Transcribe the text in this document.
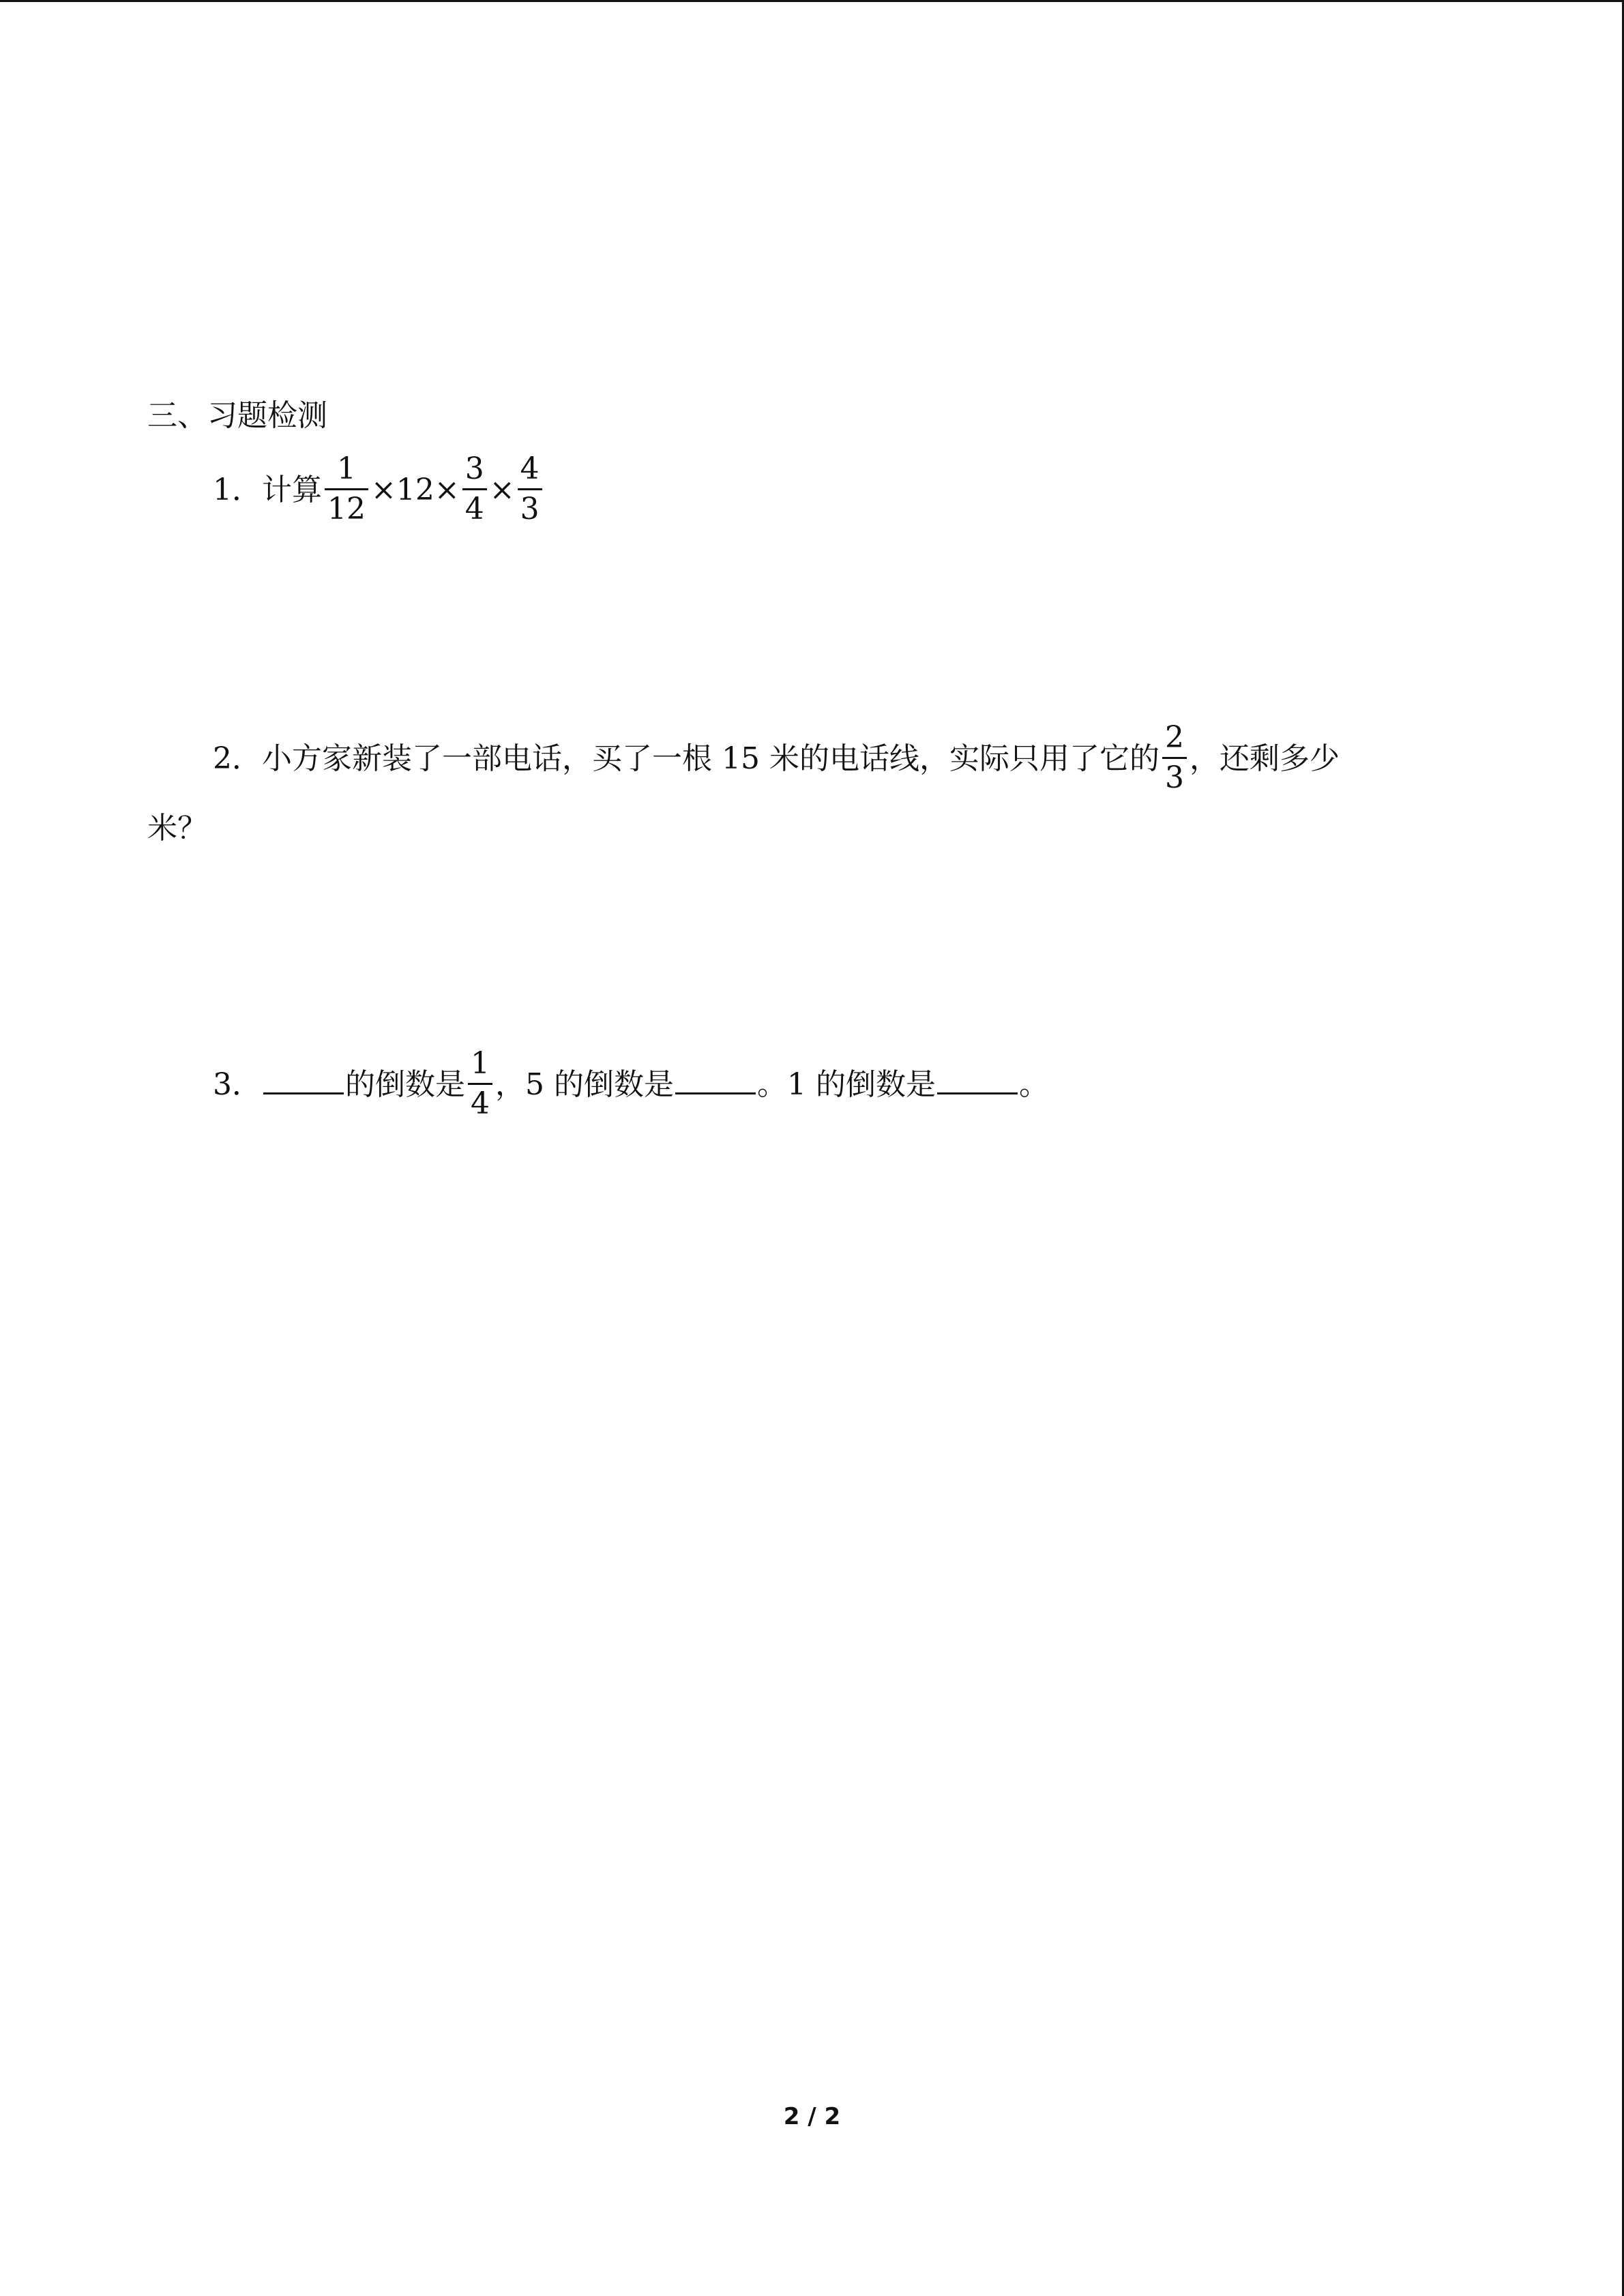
三、习题检测
1．计算 $\frac{1}{12} \times 12\times \frac{3}{4} \times \frac{4}{3}$
2．小方家新装了一部电话，买了一根 15 米的电话线，实际只用了它的 $\frac{2}{3}$ ，还剩多少
米？
3．	的倒数是 $\frac{1}{4}$ ，5 的倒数是	。1 的倒数是	。
2 / 2
